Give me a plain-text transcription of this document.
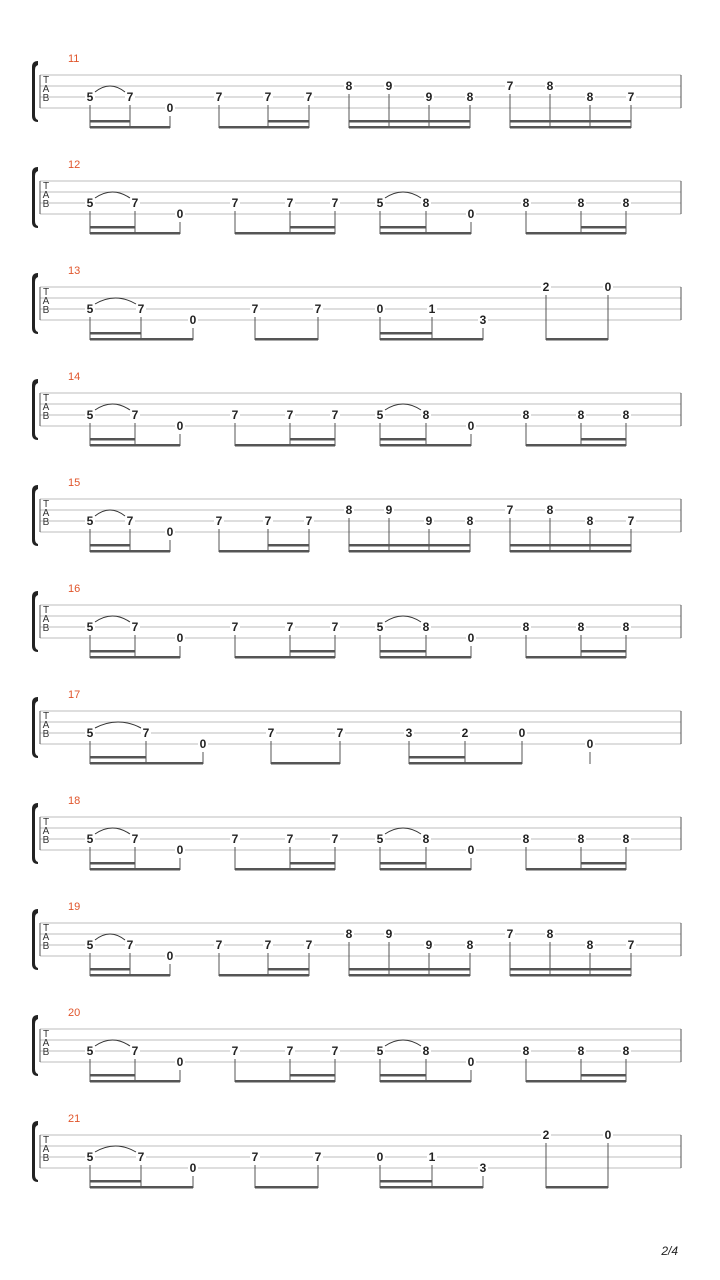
T
A
B
11
5	7
0
7	7	7
8	9
9	8
7	8
8	7
T
A
B
12
5	7
0
7	7	7	5	8
0
8	8	8
T
A
B
13
5	7
0
7	7	0	1
3
2	0
T
A
B
14
5	7
0
7	7	7	5	8
0
8	8	8
T
A
B
15
5	7
0
7	7	7
8	9
9	8
7	8
8	7
T
A
B
16
5	7
0
7	7	7	5	8
0
8	8	8
T
A
B
17
5	7
0
7	7	3	2	0
0
T
A
B
18
5	7
0
7	7	7	5	8
0
8	8	8
T
A
B
19
5	7
0
7	7	7
8	9
9	8
7	8
8	7
T
A
B
20
5	7
0
7	7	7	5	8
0
8	8	8
T
A
B
21
5	7
0
7	7	0	1
3
2	0
2/4
